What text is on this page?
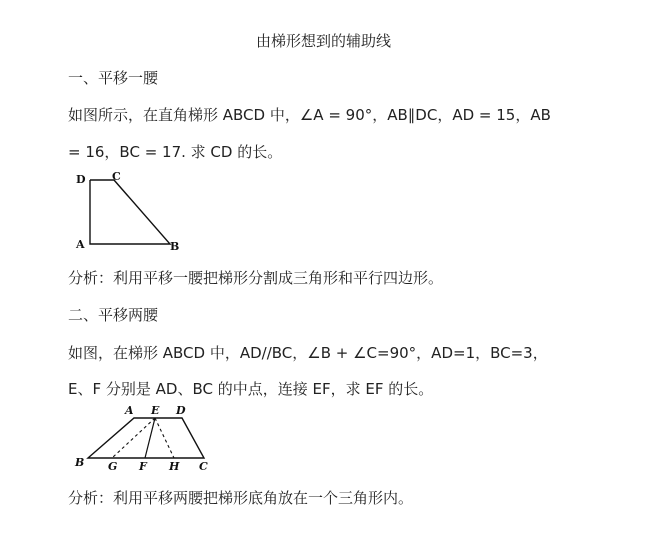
由梯形想到的辅助线
一、平移一腰
如图所示，在直角梯形 ABCD 中，∠A = 90°，AB∥DC，AD = 15，AB
= 16，BC = 17. 求 CD 的长。
D C
A	B
分析：利用平移一腰把梯形分割成三角形和平行四边形。
二、平移两腰
如图，在梯形 ABCD 中，AD//BC，∠B + ∠C=90°，AD=1，BC=3，
E、F 分别是 AD、BC 的中点，连接 EF，求 EF 的长。
A E D
B G F H C
分析：利用平移两腰把梯形底角放在一个三角形内。
